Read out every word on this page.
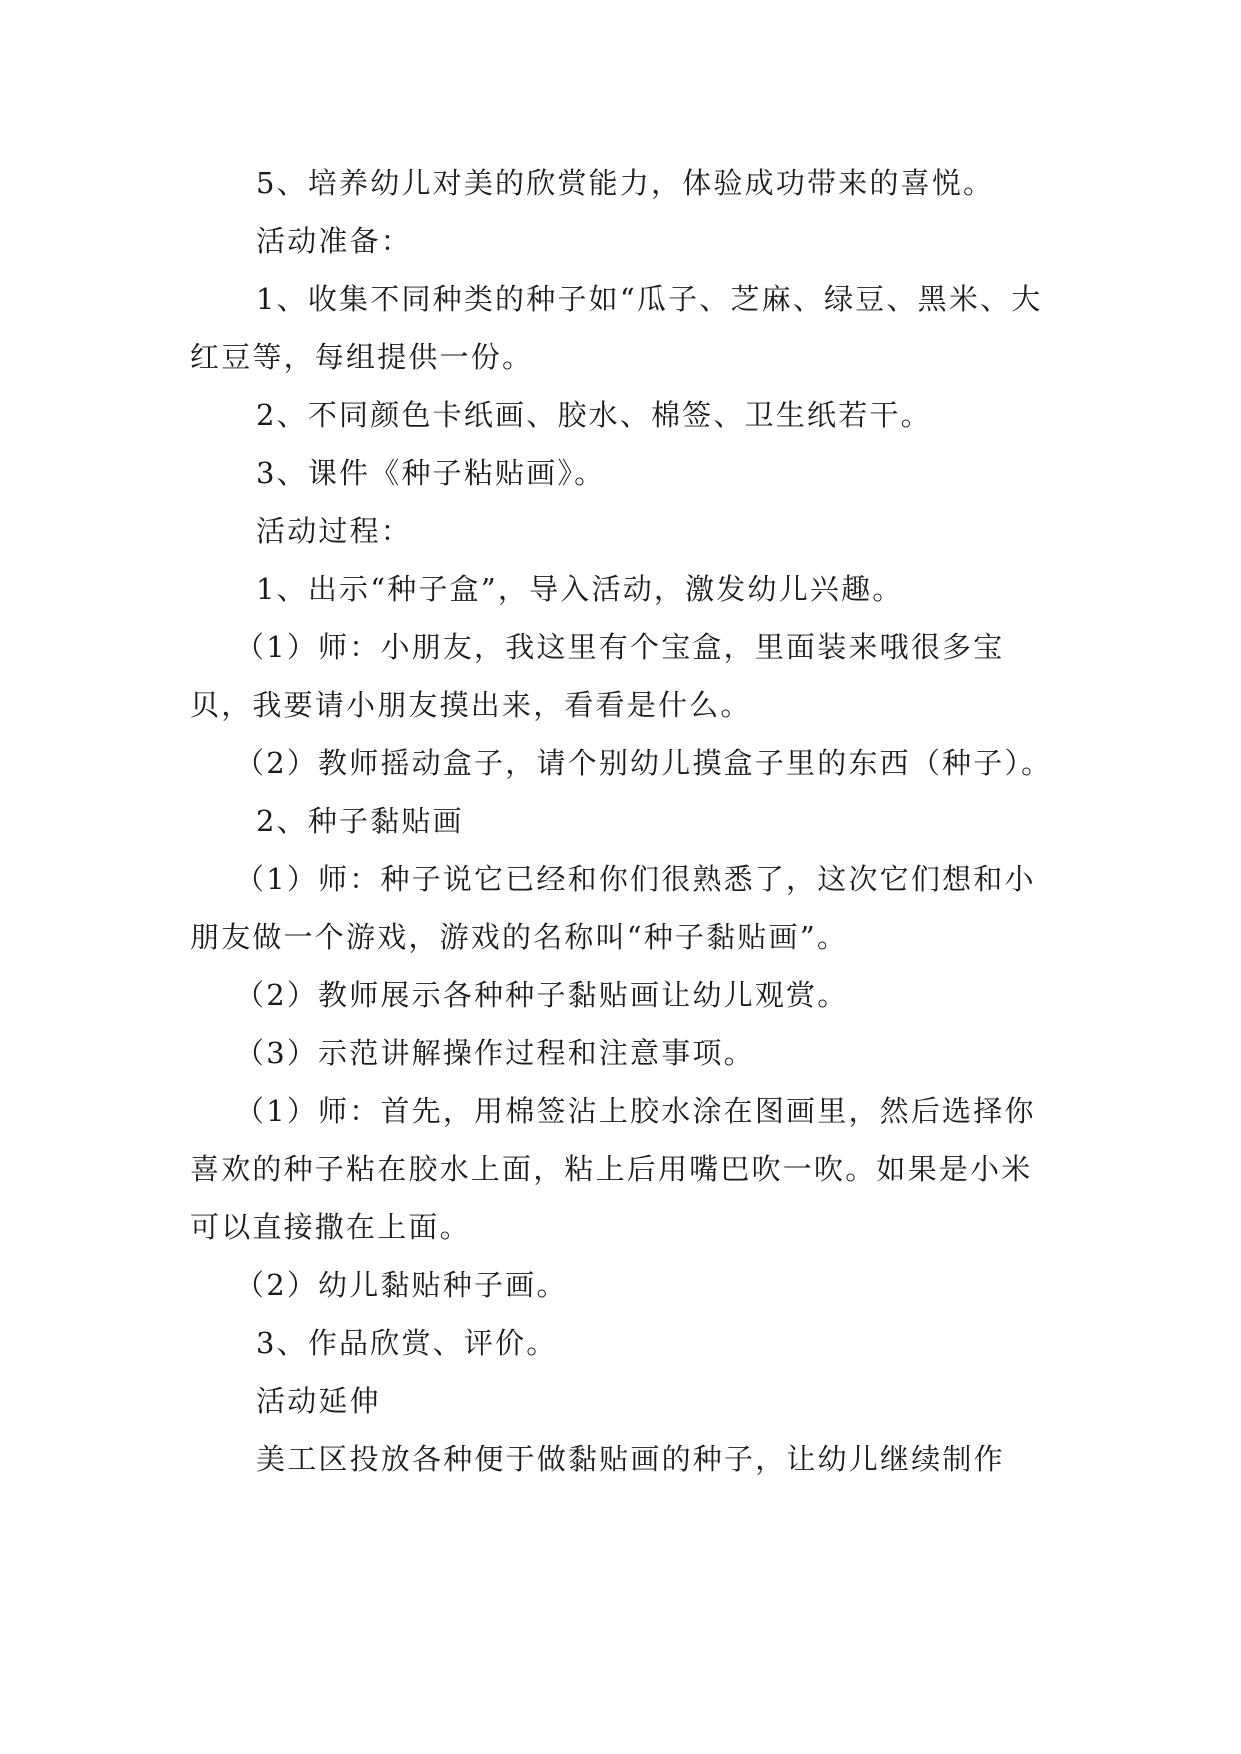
5、培养幼儿对美的欣赏能力，体验成功带来的喜悦。

活动准备：

1、收集不同种类的种子如“瓜子、芝麻、绿豆、黑米、大红豆等，每组提供一份。

2、不同颜色卡纸画、胶水、棉签、卫生纸若干。

3、课件《种子粘贴画》。

活动过程：

1、出示“种子盒”，导入活动，激发幼儿兴趣。

（1）师：小朋友，我这里有个宝盒，里面装来哦很多宝贝，我要请小朋友摸出来，看看是什么。

（2）教师摇动盒子，请个别幼儿摸盒子里的东西（种子）。

2、种子黏贴画

（1）师：种子说它已经和你们很熟悉了，这次它们想和小朋友做一个游戏，游戏的名称叫“种子黏贴画”。

（2）教师展示各种种子黏贴画让幼儿观赏。

（3）示范讲解操作过程和注意事项。

（1）师：首先，用棉签沾上胶水涂在图画里，然后选择你喜欢的种子粘在胶水上面，粘上后用嘴巴吹一吹。如果是小米可以直接撒在上面。

（2）幼儿黏贴种子画。

3、作品欣赏、评价。

活动延伸

美工区投放各种便于做黏贴画的种子，让幼儿继续制作
